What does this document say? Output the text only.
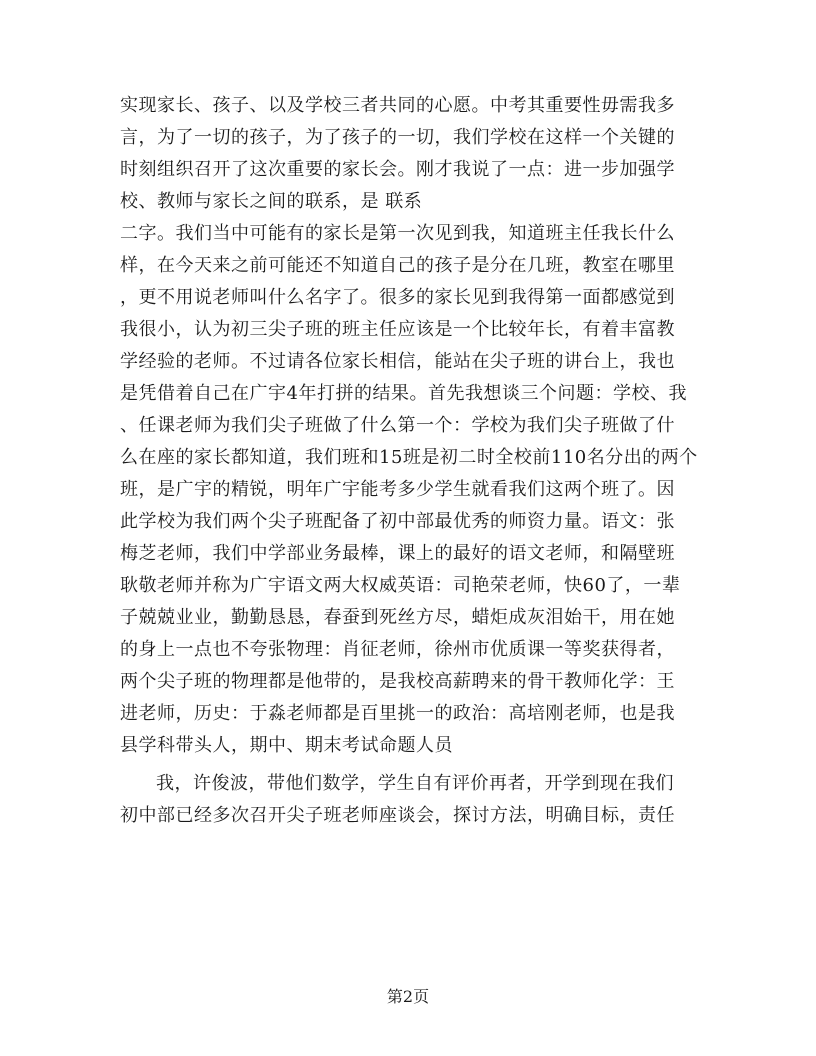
实现家长、孩子、以及学校三者共同的心愿。中考其重要性毋需我多
言，为了一切的孩子，为了孩子的一切，我们学校在这样一个关键的
时刻组织召开了这次重要的家长会。刚才我说了一点：进一步加强学
校、教师与家长之间的联系，是 联系
二字。我们当中可能有的家长是第一次见到我，知道班主任我长什么
样，在今天来之前可能还不知道自己的孩子是分在几班，教室在哪里
，更不用说老师叫什么名字了。很多的家长见到我得第一面都感觉到
我很小，认为初三尖子班的班主任应该是一个比较年长，有着丰富教
学经验的老师。不过请各位家长相信，能站在尖子班的讲台上，我也
是凭借着自己在广宇4年打拼的结果。首先我想谈三个问题：学校、我
、任课老师为我们尖子班做了什么第一个：学校为我们尖子班做了什
么在座的家长都知道，我们班和15班是初二时全校前110名分出的两个
班，是广宇的精锐，明年广宇能考多少学生就看我们这两个班了。因
此学校为我们两个尖子班配备了初中部最优秀的师资力量。语文：张
梅芝老师，我们中学部业务最棒，课上的最好的语文老师，和隔壁班
耿敬老师并称为广宇语文两大权威英语：司艳荣老师，快60了，一辈
子兢兢业业，勤勤恳恳，春蚕到死丝方尽，蜡炬成灰泪始干，用在她
的身上一点也不夸张物理：肖征老师，徐州市优质课一等奖获得者，
两个尖子班的物理都是他带的，是我校高薪聘来的骨干教师化学：王
进老师，历史：于淼老师都是百里挑一的政治：高培刚老师，也是我
县学科带头人，期中、期末考试命题人员
我，许俊波，带他们数学，学生自有评价再者，开学到现在我们
初中部已经多次召开尖子班老师座谈会，探讨方法，明确目标，责任
第2页
